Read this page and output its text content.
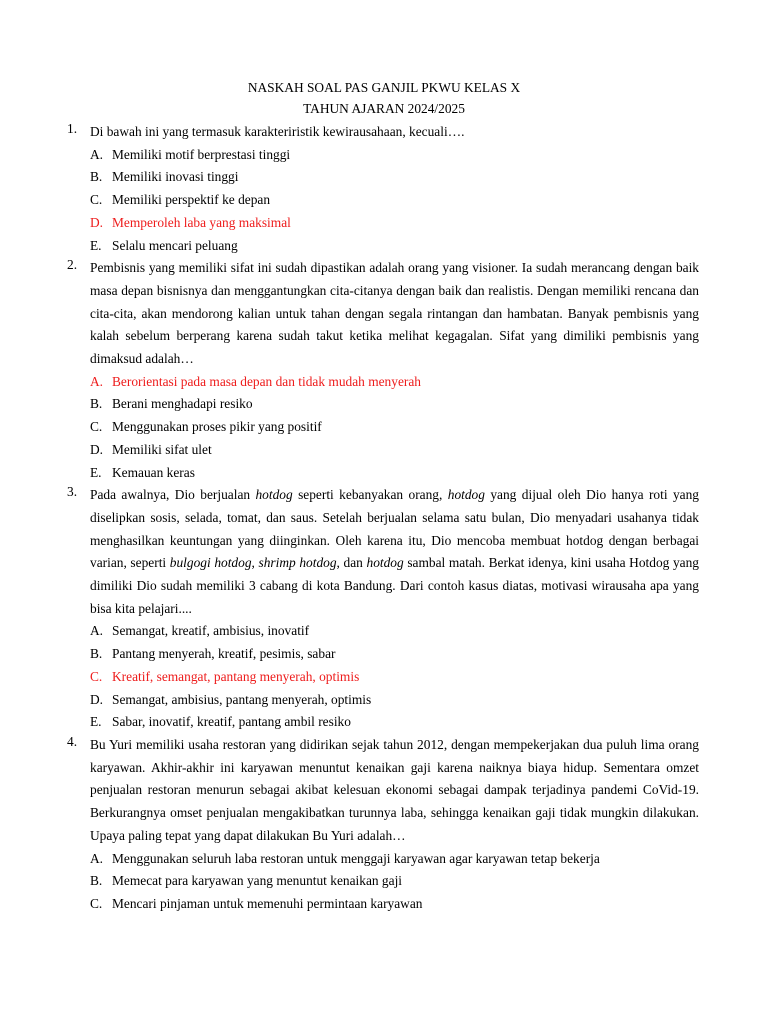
NASKAH SOAL PAS GANJIL PKWU KELAS X
TAHUN AJARAN 2024/2025
1. Di bawah ini yang termasuk karakteriristik kewirausahaan, kecuali….
A. Memiliki motif berprestasi tinggi
B. Memiliki inovasi tinggi
C. Memiliki perspektif ke depan
D. Memperoleh laba yang maksimal
E. Selalu mencari peluang
2. Pembisnis yang memiliki sifat ini sudah dipastikan adalah orang yang visioner. Ia sudah merancang dengan baik masa depan bisnisnya dan menggantungkan cita-citanya dengan baik dan realistis. Dengan memiliki rencana dan cita-cita, akan mendorong kalian untuk tahan dengan segala rintangan dan hambatan. Banyak pembisnis yang kalah sebelum berperang karena sudah takut ketika melihat kegagalan. Sifat yang dimiliki pembisnis yang dimaksud adalah…
A. Berorientasi pada masa depan dan tidak mudah menyerah
B. Berani menghadapi resiko
C. Menggunakan proses pikir yang positif
D. Memiliki sifat ulet
E. Kemauan keras
3. Pada awalnya, Dio berjualan hotdog seperti kebanyakan orang, hotdog yang dijual oleh Dio hanya roti yang diselipkan sosis, selada, tomat, dan saus. Setelah berjualan selama satu bulan, Dio menyadari usahanya tidak menghasilkan keuntungan yang diinginkan. Oleh karena itu, Dio mencoba membuat hotdog dengan berbagai varian, seperti bulgogi hotdog, shrimp hotdog, dan hotdog sambal matah. Berkat idenya, kini usaha Hotdog yang dimiliki Dio sudah memiliki 3 cabang di kota Bandung. Dari contoh kasus diatas, motivasi wirausaha apa yang bisa kita pelajari....
A. Semangat, kreatif, ambisius, inovatif
B. Pantang menyerah, kreatif, pesimis, sabar
C. Kreatif, semangat, pantang menyerah, optimis
D. Semangat, ambisius, pantang menyerah, optimis
E. Sabar, inovatif, kreatif, pantang ambil resiko
4. Bu Yuri memiliki usaha restoran yang didirikan sejak tahun 2012, dengan mempekerjakan dua puluh lima orang karyawan. Akhir-akhir ini karyawan menuntut kenaikan gaji karena naiknya biaya hidup. Sementara omzet penjualan restoran menurun sebagai akibat kelesuan ekonomi sebagai dampak terjadinya pandemi CoVid-19. Berkurangnya omset penjualan mengakibatkan turunnya laba, sehingga kenaikan gaji tidak mungkin dilakukan. Upaya paling tepat yang dapat dilakukan Bu Yuri adalah…
A. Menggunakan seluruh laba restoran untuk menggaji karyawan agar karyawan tetap bekerja
B. Memecat para karyawan yang menuntut kenaikan gaji
C. Mencari pinjaman untuk memenuhi permintaan karyawan
